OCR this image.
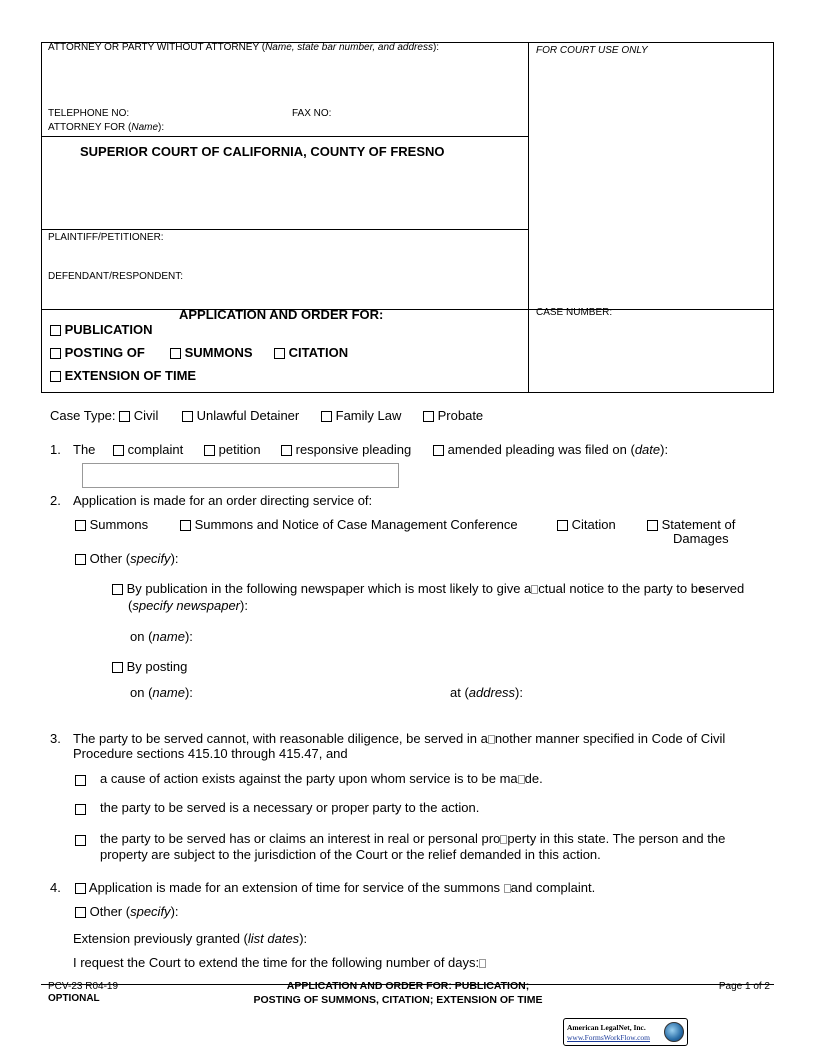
ATTORNEY OR PARTY WITHOUT ATTORNEY (Name, state bar number, and address):	FOR COURT USE ONLY
TELEPHONE NO:	FAX NO:
ATTORNEY FOR (Name):
SUPERIOR COURT OF CALIFORNIA, COUNTY OF FRESNO
PLAINTIFF/PETITIONER:
DEFENDANT/RESPONDENT:
APPLICATION AND ORDER FOR:	CASE NUMBER:
PUBLICATION
POSTING OF	SUMMONS	CITATION
EXTENSION OF TIME
Case Type: Civil	Unlawful Detainer	Family Law	Probate
1. The	complaint	petition	responsive pleading	amended pleading was filed on (date):
2. Application is made for an order directing service of:
Summons	Summons and Notice of Case Management Conference	Citation	Statement of
Damages
Other (specify):
By publication in the following newspaper which is most likely to give a ctual notice to the party to beserved
(specify newspaper):
on (name):
By posting
on (name):	at (address):
3. The party to be served cannot, with reasonable diligence, be served in a nother manner specified in Code of Civil
Procedure sections 415.10 through 415.47, and
a cause of action exists against the party upon whom service is to be ma de.
the party to be served is a necessary or proper party to the action.
the party to be served has or claims an interest in real or personal pro perty in this state. The person and the
property are subject to the jurisdiction of the Court or the relief demanded in this action.
4.	Application is made for an extension of time for service of the summons and complaint.
Other (specify):
Extension previously granted (list dates):
I request the Court to extend the time for the following number of days:
PCV-23 R04-19
OPTIONAL
APPLICATION AND ORDER FOR: PUBLICATION;
POSTING OF SUMMONS, CITATION; EXTENSION OF TIME
Page 1 of 2
American LegalNet, Inc.
www.FormsWorkFlow.com
